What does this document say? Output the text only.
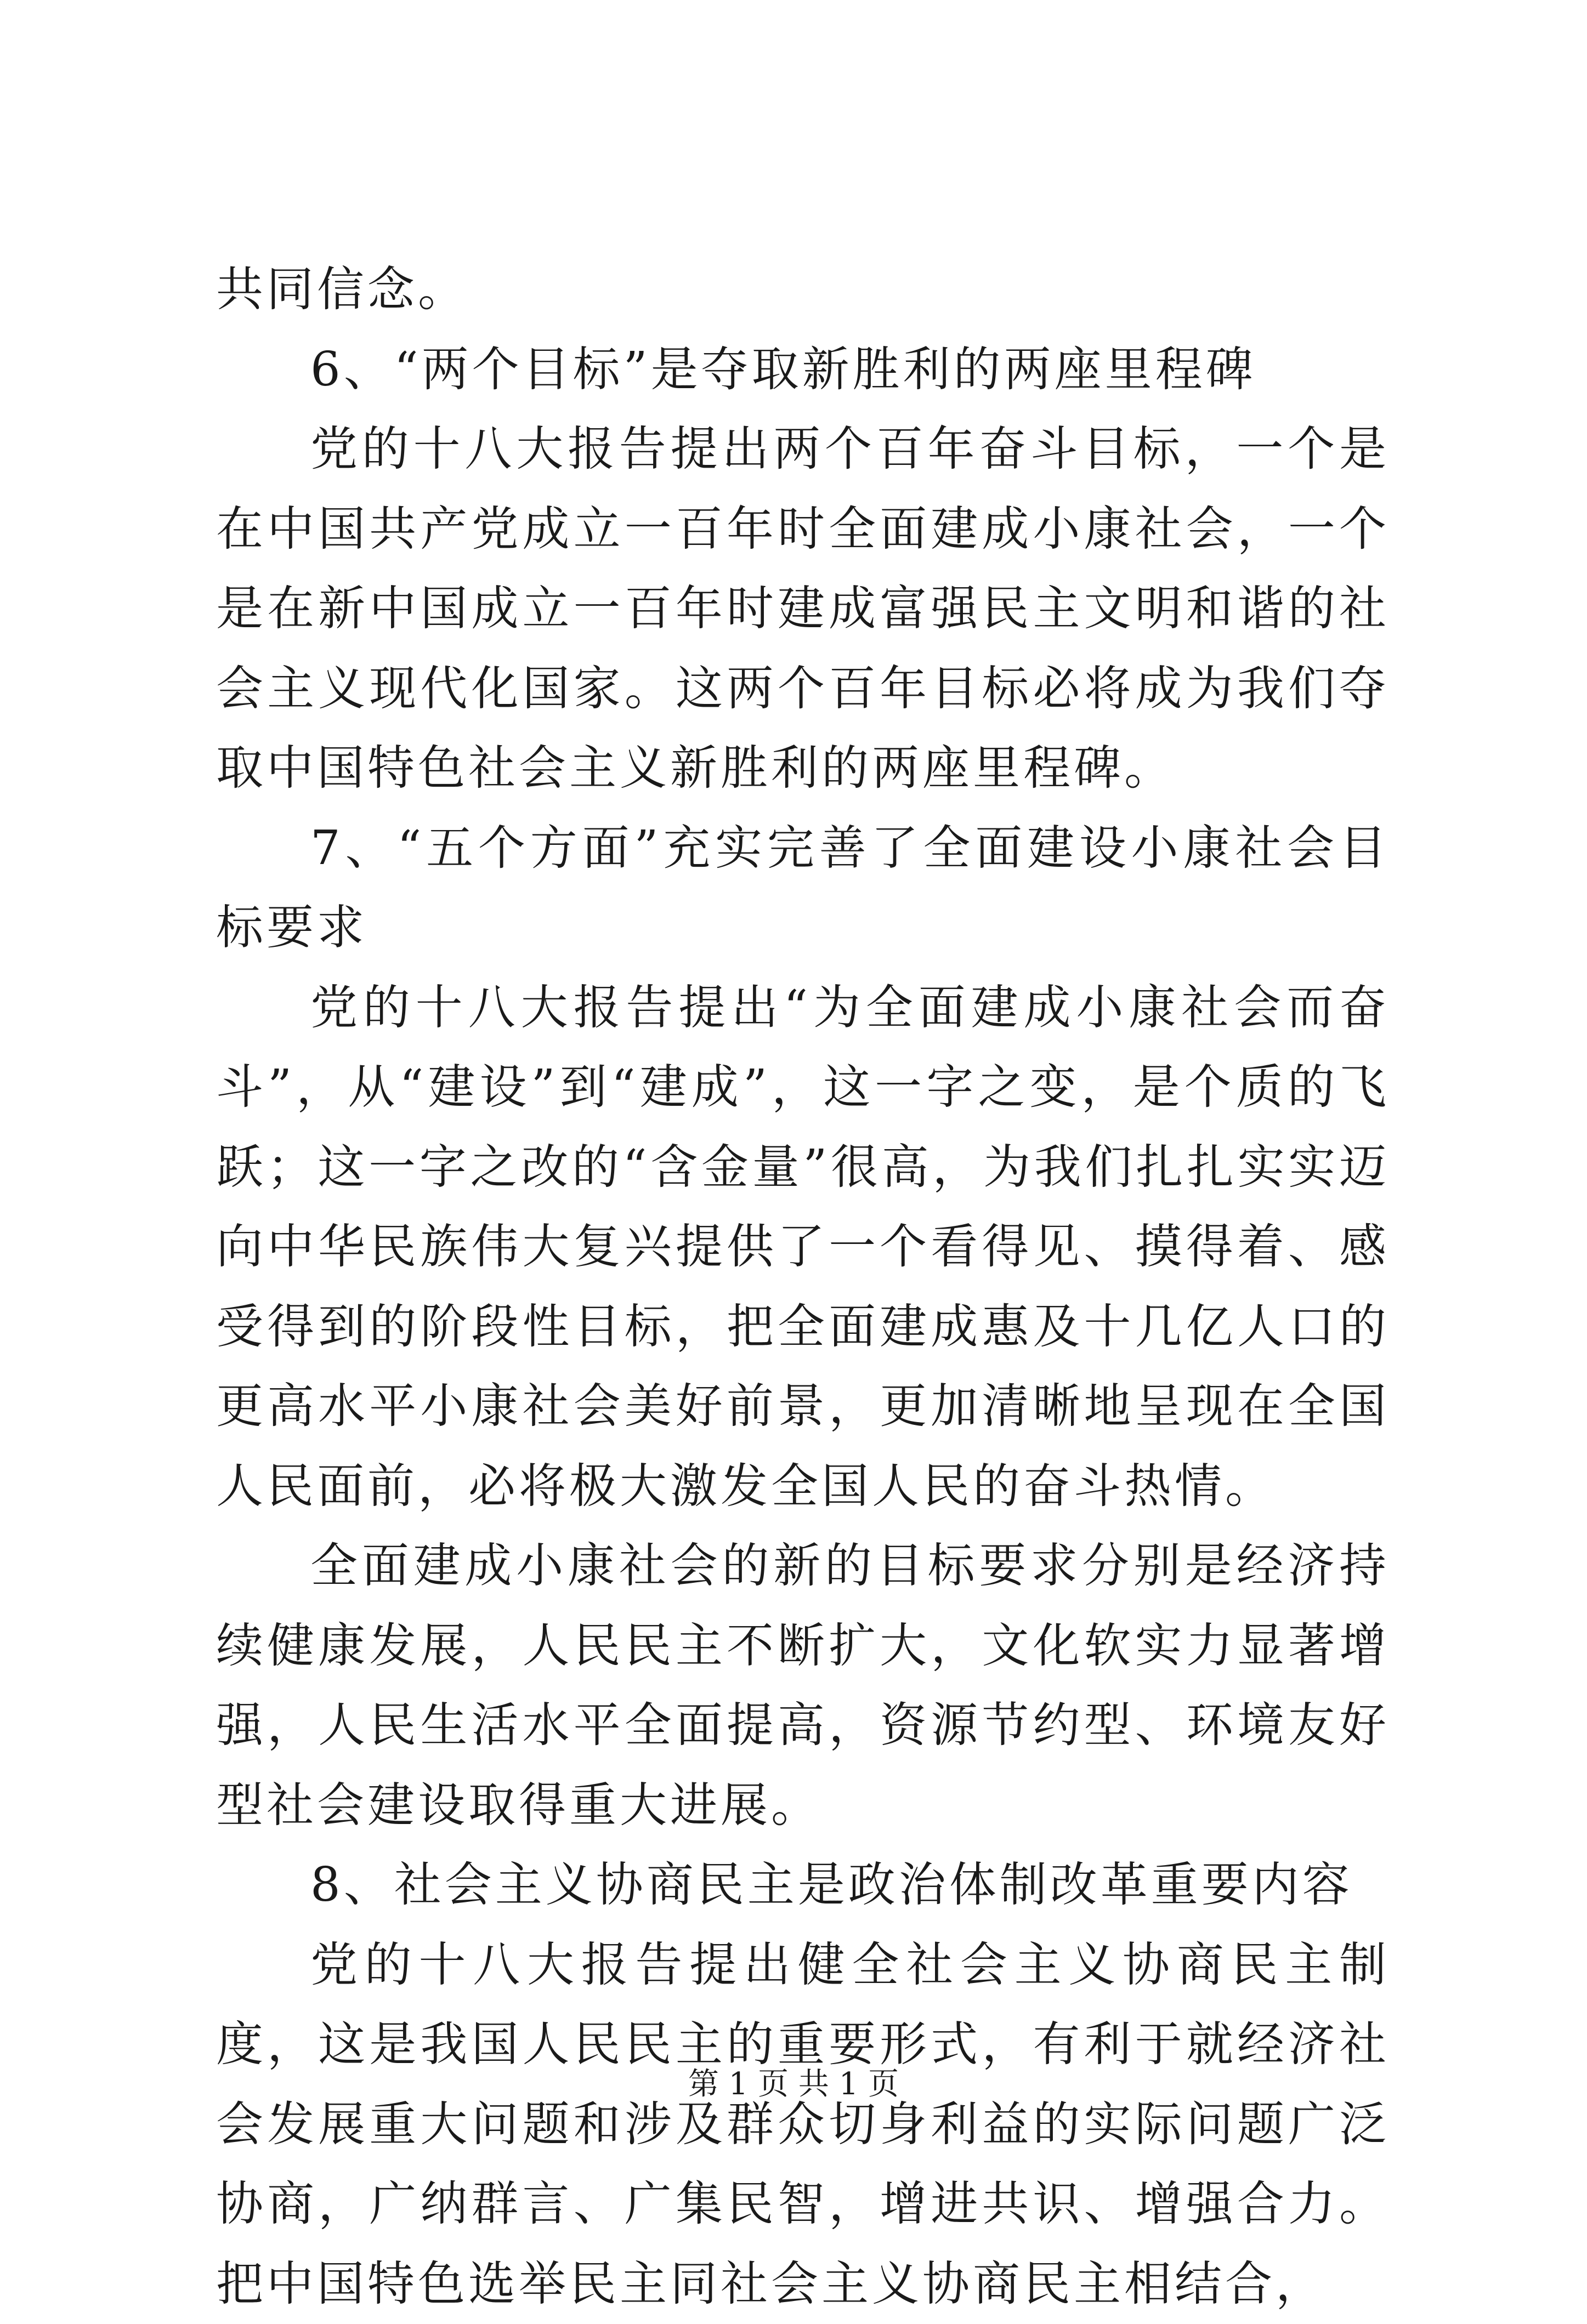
共同信念。

6、“两个目标”是夺取新胜利的两座里程碑

党的十八大报告提出两个百年奋斗目标，一个是在中国共产党成立一百年时全面建成小康社会，一个是在新中国成立一百年时建成富强民主文明和谐的社会主义现代化国家。这两个百年目标必将成为我们夺取中国特色社会主义新胜利的两座里程碑。

7、“五个方面”充实完善了全面建设小康社会目标要求

党的十八大报告提出“为全面建成小康社会而奋斗”，从“建设”到“建成”，这一字之变，是个质的飞跃；这一字之改的“含金量”很高，为我们扎扎实实迈向中华民族伟大复兴提供了一个看得见、摸得着、感受得到的阶段性目标，把全面建成惠及十几亿人口的更高水平小康社会美好前景，更加清晰地呈现在全国人民面前，必将极大激发全国人民的奋斗热情。

全面建成小康社会的新的目标要求分别是经济持续健康发展，人民民主不断扩大，文化软实力显著增强，人民生活水平全面提高，资源节约型、环境友好型社会建设取得重大进展。

8、社会主义协商民主是政治体制改革重要内容

党的十八大报告提出健全社会主义协商民主制度，这是我国人民民主的重要形式，有利于就经济社会发展重大问题和涉及群众切身利益的实际问题广泛协商，广纳群言、广集民智，增进共识、增强合力。把中国特色选举民主同社会主义协商民主相结合，

第 1 页 共 1 页
